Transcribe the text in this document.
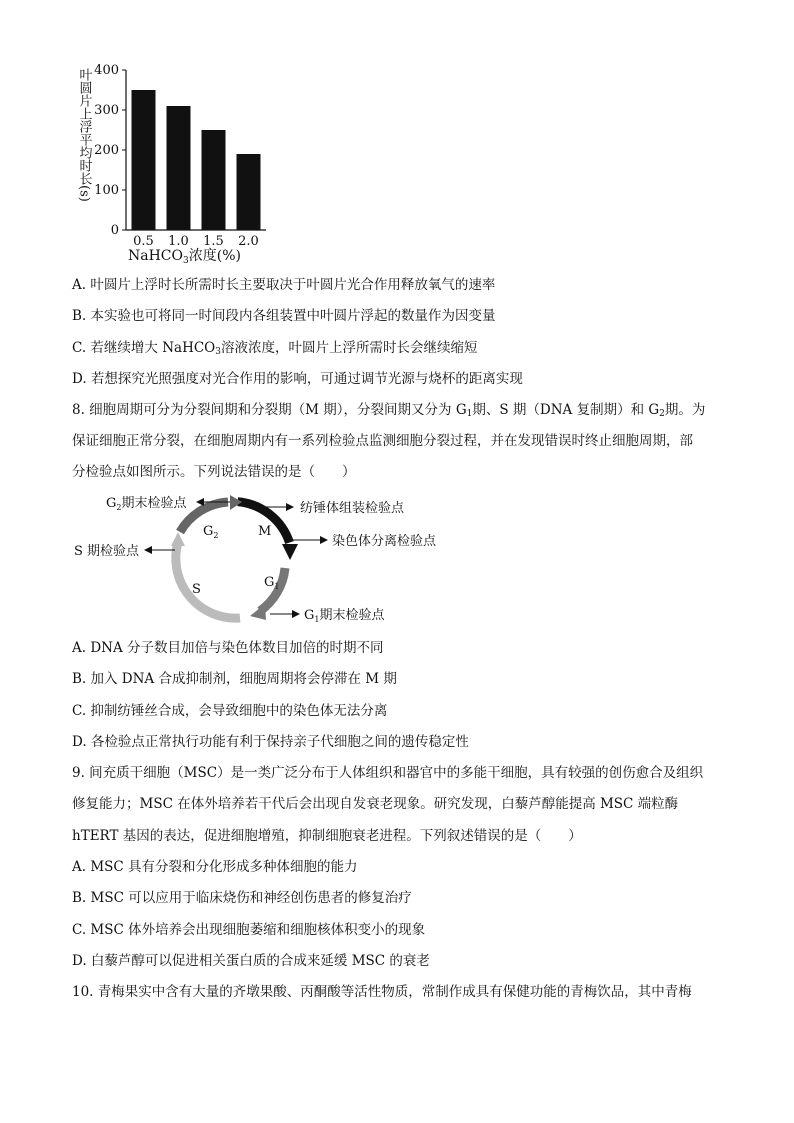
叶圆片上浮平均时长(s)
0
100
200
300
400
0.5 1.0 1.5 2.0
NaHCO$_3$浓度(%)
A. 叶圆片上浮时长所需时长主要取决于叶圆片光合作用释放氧气的速率
B. 本实验也可将同一时间段内各组装置中叶圆片浮起的数量作为因变量
C. 若继续增大 NaHCO$_3$溶液浓度，叶圆片上浮所需时长会继续缩短
D. 若想探究光照强度对光合作用的影响，可通过调节光源与烧杯的距离实现
8. 细胞周期可分为分裂间期和分裂期（M 期），分裂间期又分为 $G_1$期、S 期（DNA 复制期）和 $G_2$期。为
保证细胞正常分裂，在细胞周期内有一系列检验点监测细胞分裂过程，并在发现错误时终止细胞周期，部
分检验点如图所示。下列说法错误的是（　　）
$G_2$	M
$G_1$
S
$G_2$期末检验点	纺锤体组装检验点
染色体分离检验点
S 期检验点
$G_1$期末检验点
A. DNA 分子数目加倍与染色体数目加倍的时期不同
B. 加入 DNA 合成抑制剂，细胞周期将会停滞在 M 期
C. 抑制纺锤丝合成，会导致细胞中的染色体无法分离
D. 各检验点正常执行功能有利于保持亲子代细胞之间的遗传稳定性
9. 间充质干细胞（MSC）是一类广泛分布于人体组织和器官中的多能干细胞，具有较强的创伤愈合及组织
修复能力；MSC 在体外培养若干代后会出现自发衰老现象。研究发现，白藜芦醇能提高 MSC 端粒酶
hTERT 基因的表达，促进细胞增殖，抑制细胞衰老进程。下列叙述错误的是（　　）
A. MSC 具有分裂和分化形成多种体细胞的能力
B. MSC 可以应用于临床烧伤和神经创伤患者的修复治疗
C. MSC 体外培养会出现细胞萎缩和细胞核体积变小的现象
D. 白藜芦醇可以促进相关蛋白质的合成来延缓 MSC 的衰老
10. 青梅果实中含有大量的齐墩果酸、丙酮酸等活性物质，常制作成具有保健功能的青梅饮品，其中青梅
